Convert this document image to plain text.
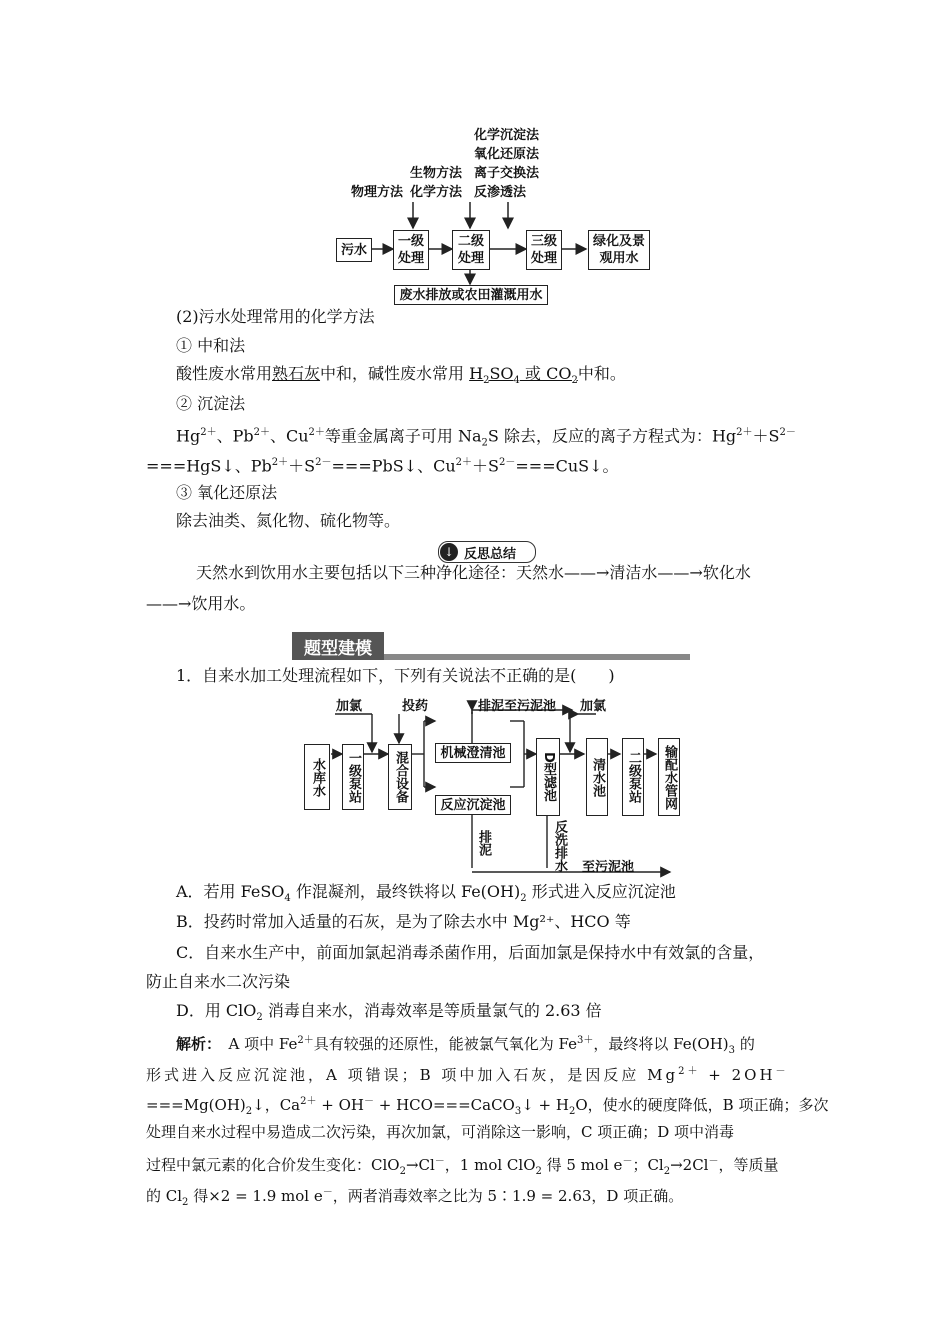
化学沉淀法
氧化还原法
离子交换法
反渗透法
生物方法
化学方法
物理方法
污水
一级
处理
二级
处理
三级
处理
绿化及景
观用水
废水排放或农田灌溉用水
(2)污水处理常用的化学方法
① 中和法
酸性废水常用熟石灰中和，碱性废水常用 $H_2SO_4$ 或 $CO_2$中和。
② 沉淀法
$Hg^{2+}$、$Pb^{2+}$、$Cu^{2+}$等重金属离子可用 $Na_2S$ 除去，反应的离子方程式为：$Hg^{2+}+S^{2-}$
===HgS↓、$Pb^{2+}+S^{2-}===PbS↓$、$Cu^{2+}+S^{2-}===CuS↓$。
③ 氧化还原法
除去油类、氮化物、硫化物等。
↓ 反思总结
天然水到饮用水主要包括以下三种净化途径：天然水——→清洁水——→软化水
——→饮用水。
题型建模
1．自来水加工处理流程如下，下列有关说法不正确的是(　　)
加氯	投药	排泥至污泥池 加氯
水库水 一级泵站 混合设备	机械澄清池
反应沉淀池
D型滤池	清水池 二级泵站 输配水管网
排泥	反洗排水 至污泥池
A．若用 FeSO$_4$ 作混凝剂，最终铁将以 $Fe(OH)_2$ 形式进入反应沉淀池
B．投药时常加入适量的石灰，是为了除去水中 Mg²⁺、HCO 等
C．自来水生产中，前面加氯起消毒杀菌作用，后面加氯是保持水中有效氯的含量，
防止自来水二次污染
D．用 ClO$_2$ 消毒自来水，消毒效率是等质量氯气的 2.63 倍
解析：　A 项中 $Fe^{2+}$具有较强的还原性，能被氯气氧化为 $Fe^{3+}$，最终将以 $Fe(OH)_3$ 的
形式进入反应沉淀池，A 项错误；B 项中加入石灰，是因反应 $Mg^{2+} + 2OH^-$
$===Mg(OH)_2↓$，$Ca^{2+} + OH^-$ + HCO===CaCO$_3$↓ + $H_2O$，使水的硬度降低，B 项正确；多次
处理自来水过程中易造成二次污染，再次加氯，可消除这一影响，C 项正确；D 项中消毒
过程中氯元素的化合价发生变化：ClO$_2$→Cl－，1 mol ClO$_2$ 得 5 mol e－；$Cl_2\to 2Cl^-$，等质量
的 $Cl_2$ 得×2 = 1.9 mol e－，两者消毒效率之比为 5∶1.9 = 2.63，D 项正确。
